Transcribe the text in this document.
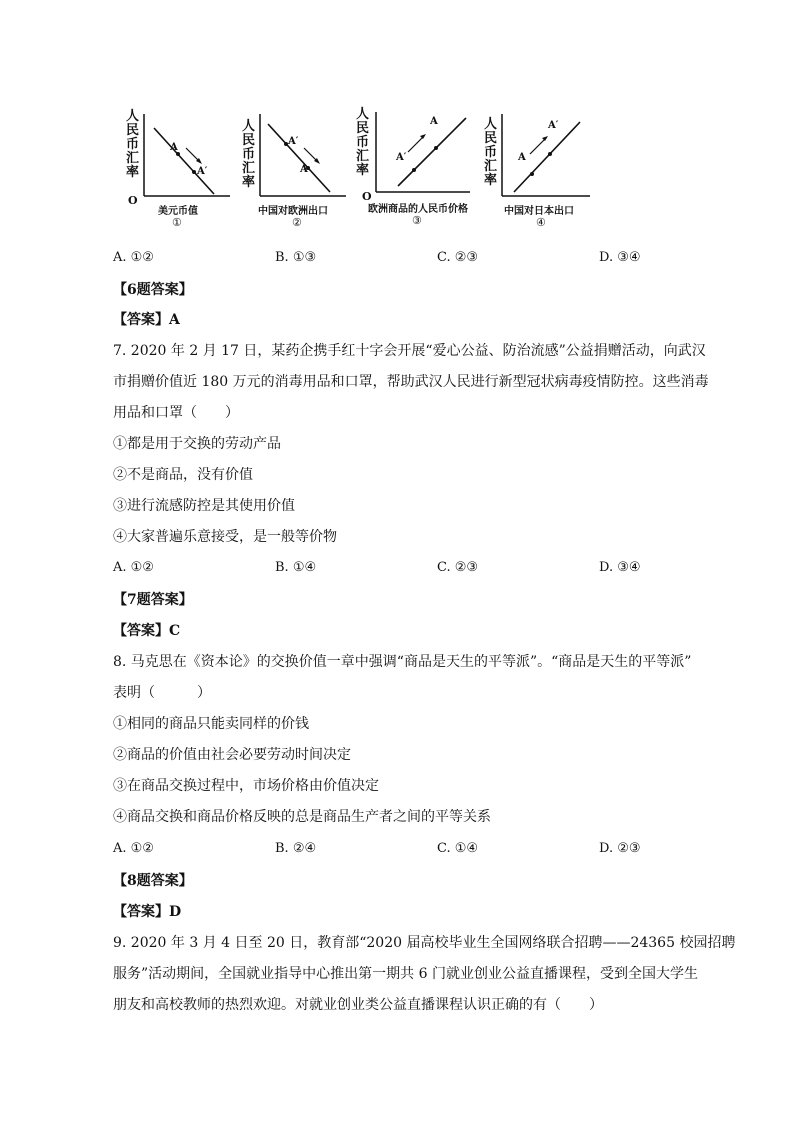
人民币汇率
A
A′
O
美元币值
①
人民币汇率
A′
A
中国对欧洲出口
②
人民币汇率
A
A′
O
欧洲商品的人民币价格
③
人民币汇率
A′
A
中国对日本出口
④
A. ①②	B. ①③	C. ②③	D. ③④
【6题答案】
【答案】A
7. 2020 年 2 月 17 日，某药企携手红十字会开展“爱心公益、防治流感”公益捐赠活动，向武汉
市捐赠价值近 180 万元的消毒用品和口罩，帮助武汉人民进行新型冠状病毒疫情防控。这些消毒
用品和口罩（　　）
①都是用于交换的劳动产品
②不是商品，没有价值
③进行流感防控是其使用价值
④大家普遍乐意接受，是一般等价物
A. ①②	B. ①④	C. ②③	D. ③④
【7题答案】
【答案】C
8. 马克思在《资本论》的交换价值一章中强调“商品是天生的平等派”。“商品是天生的平等派”
表明（　　　）
①相同的商品只能卖同样的价钱
②商品的价值由社会必要劳动时间决定
③在商品交换过程中，市场价格由价值决定
④商品交换和商品价格反映的总是商品生产者之间的平等关系
A. ①②	B. ②④	C. ①④	D. ②③
【8题答案】
【答案】D
9. 2020 年 3 月 4 日至 20 日，教育部“2020 届高校毕业生全国网络联合招聘——24365 校园招聘
服务”活动期间，全国就业指导中心推出第一期共 6 门就业创业公益直播课程，受到全国大学生
朋友和高校教师的热烈欢迎。对就业创业类公益直播课程认识正确的有（　　）
